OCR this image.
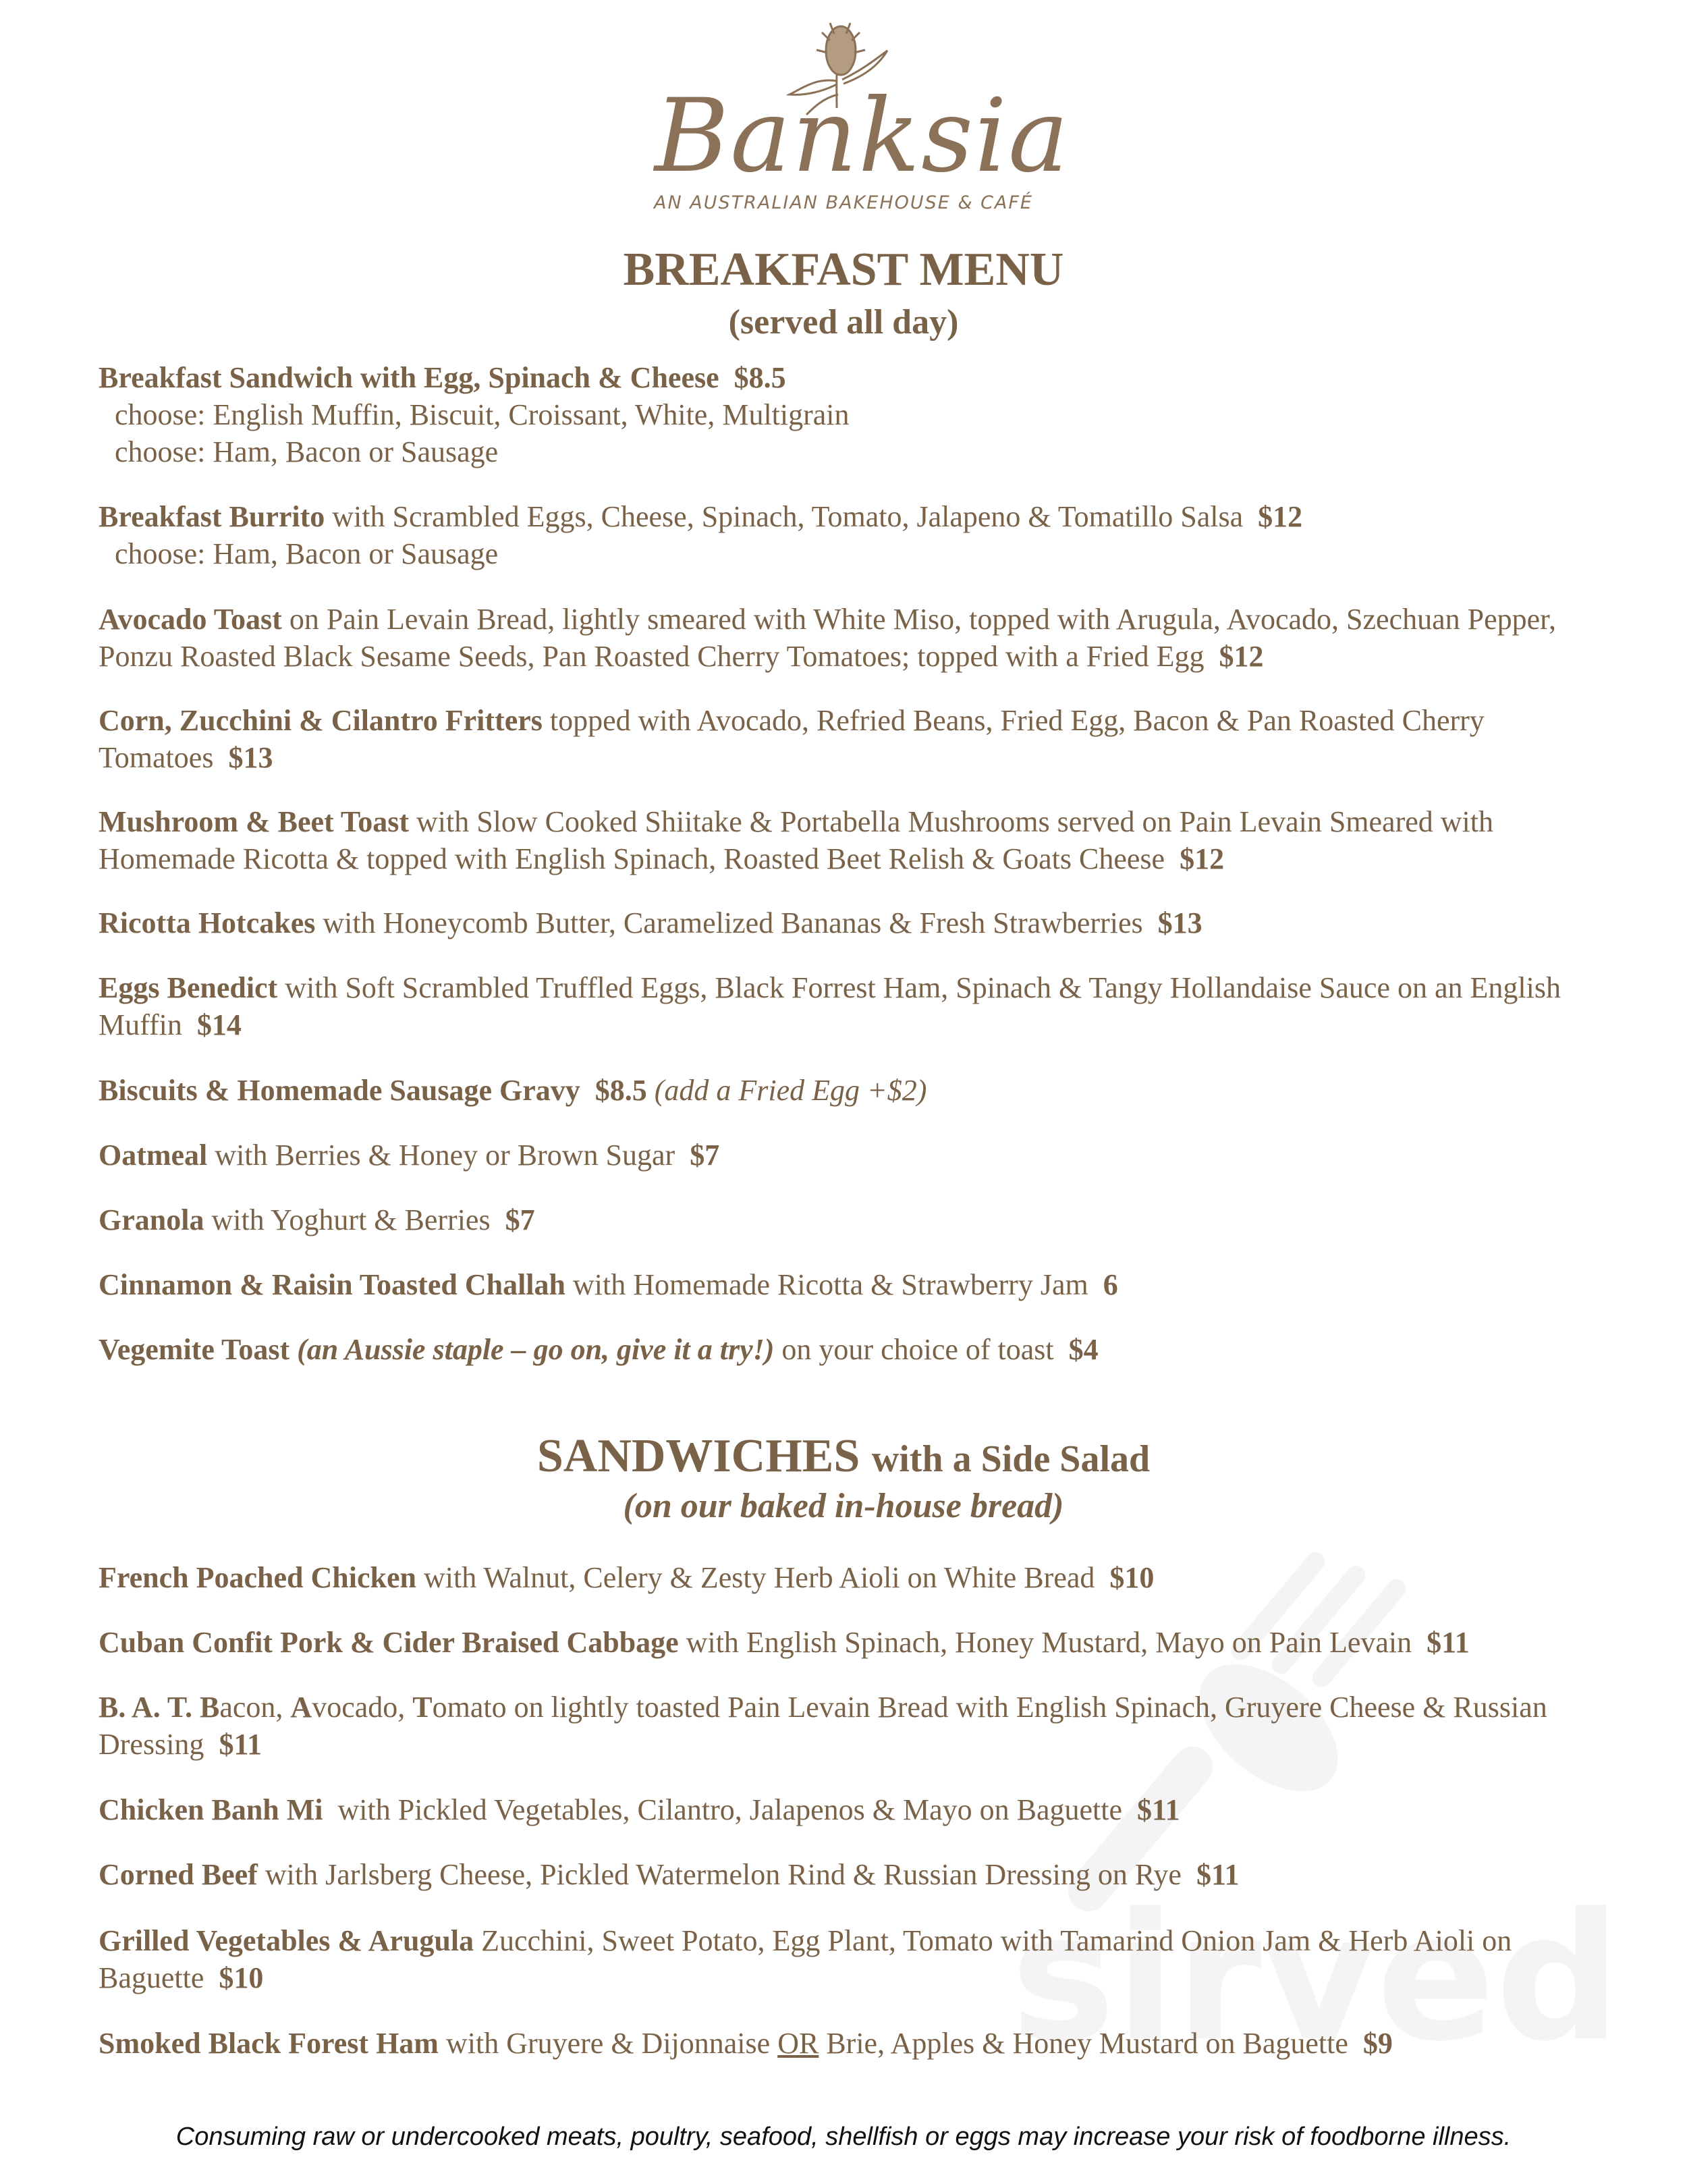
Banksia
AN AUSTRALIAN BAKEHOUSE & CAFÉ
BREAKFAST MENU
(served all day)
Breakfast Sandwich with Egg, Spinach & Cheese $8.5
choose: English Muffin, Biscuit, Croissant, White, Multigrain
choose: Ham, Bacon or Sausage
Breakfast Burrito with Scrambled Eggs, Cheese, Spinach, Tomato, Jalapeno & Tomatillo Salsa $12
choose: Ham, Bacon or Sausage
Avocado Toast on Pain Levain Bread, lightly smeared with White Miso, topped with Arugula, Avocado, Szechuan Pepper, Ponzu Roasted Black Sesame Seeds, Pan Roasted Cherry Tomatoes; topped with a Fried Egg $12
Corn, Zucchini & Cilantro Fritters topped with Avocado, Refried Beans, Fried Egg, Bacon & Pan Roasted Cherry Tomatoes $13
Mushroom & Beet Toast with Slow Cooked Shiitake & Portabella Mushrooms served on Pain Levain Smeared with Homemade Ricotta & topped with English Spinach, Roasted Beet Relish & Goats Cheese $12
Ricotta Hotcakes with Honeycomb Butter, Caramelized Bananas & Fresh Strawberries $13
Eggs Benedict with Soft Scrambled Truffled Eggs, Black Forrest Ham, Spinach & Tangy Hollandaise Sauce on an English Muffin $14
Biscuits & Homemade Sausage Gravy $8.5 (add a Fried Egg +$2)
Oatmeal with Berries & Honey or Brown Sugar $7
Granola with Yoghurt & Berries $7
Cinnamon & Raisin Toasted Challah with Homemade Ricotta & Strawberry Jam 6
Vegemite Toast (an Aussie staple – go on, give it a try!) on your choice of toast $4
SANDWICHES with a Side Salad
(on our baked in-house bread)
French Poached Chicken with Walnut, Celery & Zesty Herb Aioli on White Bread $10
Cuban Confit Pork & Cider Braised Cabbage with English Spinach, Honey Mustard, Mayo on Pain Levain $11
B. A. T. Bacon, Avocado, Tomato on lightly toasted Pain Levain Bread with English Spinach, Gruyere Cheese & Russian Dressing $11
Chicken Banh Mi with Pickled Vegetables, Cilantro, Jalapenos & Mayo on Baguette $11
Corned Beef with Jarlsberg Cheese, Pickled Watermelon Rind & Russian Dressing on Rye $11
Grilled Vegetables & Arugula Zucchini, Sweet Potato, Egg Plant, Tomato with Tamarind Onion Jam & Herb Aioli on Baguette $10
Smoked Black Forest Ham with Gruyere & Dijonnaise OR Brie, Apples & Honey Mustard on Baguette $9
Consuming raw or undercooked meats, poultry, seafood, shellfish or eggs may increase your risk of foodborne illness.
